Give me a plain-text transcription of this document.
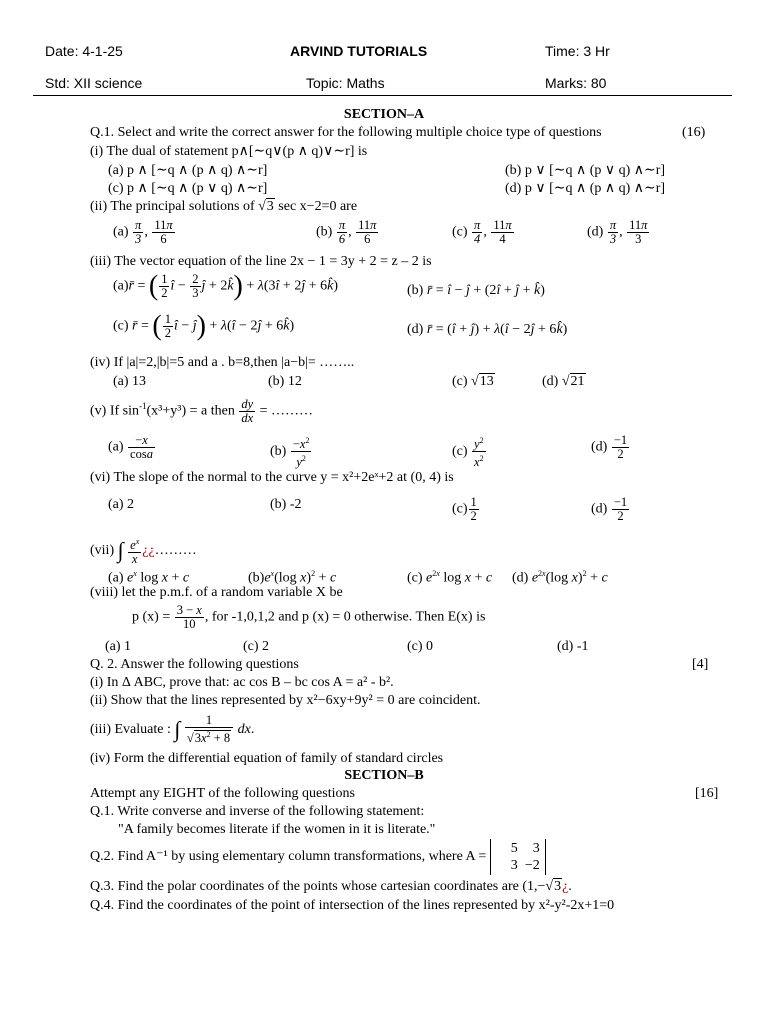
Date: 4-1-25	ARVIND TUTORIALS	Time: 3 Hr
Std: XII science	Topic: Maths	Marks: 80
SECTION–A
Q.1. Select and write the correct answer for the following multiple choice type of questions	(16)
(i) The dual of statement p∧[∼q∨(p ∧ q)∨∼r] is
(a) p ∧ [∼q ∧ (p ∧ q) ∧∼r]	(b) p ∨ [∼q ∧ (p ∨ q) ∧∼r]
(c) p ∧ [∼q ∧ (p ∨ q) ∧∼r]	(d) p ∨ [∼q ∧ (p ∧ q) ∧∼r]
(ii) The principal solutions of √3 sec x−2=0 are
$(a) \frac{\pi}{3}$ , $\frac{11\pi}{6}$	$(b) \frac{\pi}{6}$ , $\frac{11\pi}{6}$	$(c) \frac{\pi}{4}$ , $\frac{11\pi}{4}$	$(d) \frac{\pi}{3}$ , $\frac{11\pi}{3}$
(iii) The vector equation of the line 2x − 1 = 3y + 2 = z – 2 is
(a)r̄ = ( $\frac{1}{2}$ î − $\frac{2}{3}$ ĵ + 2k̂) + λ(3î + 2ĵ + 6k̂)	(b) r̄ = î − ĵ + (2î + ĵ + k̂)
(c) r̄ = ( $\frac{1}{2}$ î − ĵ) + λ(î − 2ĵ + 6k̂)	(d) r̄ = (î + ĵ) + λ(î − 2ĵ + 6k̂)
(iv) If |a|=2,|b|=5 and a . b=8,then |a−b|= ……..
(a) 13	(b) 12	(c) √13	(d) √21
(v) If $\sin^{-1}(x^3+y^3) = a$ then $\frac{dy}{dx}$ = ………
$(a) \frac{-x}{\cos a}$	$(b) \frac{-x^2}{y^2}$	$(c) \frac{y^2}{x^2}$	$(d) \frac{-1}{2}$
(vi) The slope of the normal to the curve y = x²+2eˣ+2 at (0, 4) is
(a) 2	(b) -2	$(c) \frac{1}{2}$	$(d) \frac{-1}{2}$
(vii) ∫ $\frac{e^x}{x}$ ¿¿………
(a) $e^x$ log x + c	$(b)e^x(\log$ x)$^2$ + c	(c) $e^{2x}$ log x + c (d) $e^{2x}(\log$ x)$^2$ + c
(viii) let the p.m.f. of a random variable X be
p $(x) = \frac{3 - x}{10}$ , for -1,0,1,2 and p (x) = 0 otherwise. Then E(x) is
(a) 1	(c) 2	(c) 0	(d) -1
Q. 2. Answer the following questions	[4]
(i) In Δ ABC, prove that: ac cos B – bc cos A = a² - b².
(ii) Show that the lines represented by x²−6xy+9y² = 0 are coincident.
(iii) Evaluate : ∫ $\frac{1}{√3x^2 + 8}$ dx.
(iv) Form the differential equation of family of standard circles
SECTION–B
Attempt any EIGHT of the following questions	[16]
Q.1. Write converse and inverse of the following statement:
"A family becomes literate if the women in it is literate."
Q.2. Find A⁻¹ by using elementary column transformations, where A = 5 3
3 −2
Q.3. Find the polar coordinates of the points whose cartesian coordinates are (1,−√3¿.
Q.4. Find the coordinates of the point of intersection of the lines represented by x²-y²-2x+1=0
